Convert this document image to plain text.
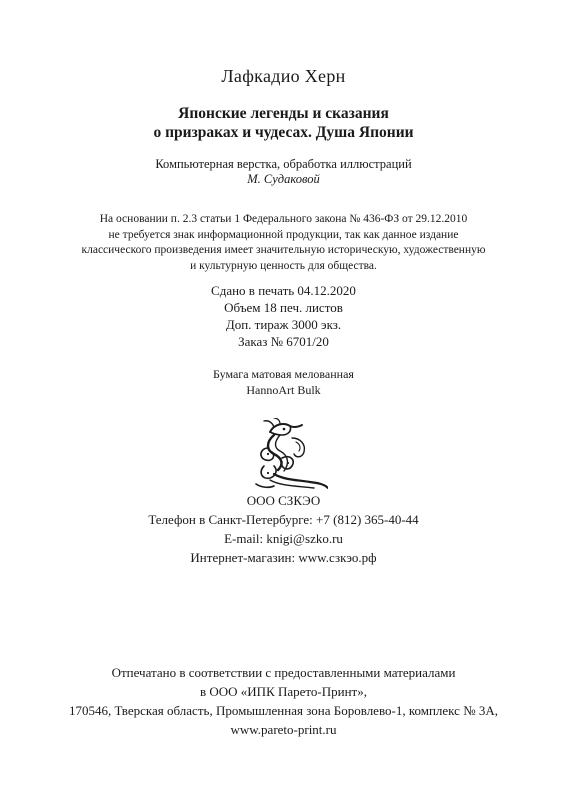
Лафкадио Херн
Японские легенды и сказания
о призраках и чудесах. Душа Японии
Компьютерная верстка, обработка иллюстраций
М. Судаковой
На основании п. 2.3 статьи 1 Федерального закона № 436-ФЗ от 29.12.2010
не требуется знак информационной продукции, так как данное издание
классического произведения имеет значительную историческую, художественную
и культурную ценность для общества.
Сдано в печать 04.12.2020
Объем 18 печ. листов
Доп. тираж 3000 экз.
Заказ № 6701/20
Бумага матовая мелованная
HannoArt Bulk
ООО СЗКЭО
Телефон в Санкт-Петербурге: +7 (812) 365-40-44
E-mail: knigi@szko.ru
Интернет-магазин: www.сзкэо.рф
Отпечатано в соответствии с предоставленными материалами
в ООО «ИПК Парето-Принт»,
170546, Тверская область, Промышленная зона Боровлево-1, комплекс № 3А,
www.pareto-print.ru
